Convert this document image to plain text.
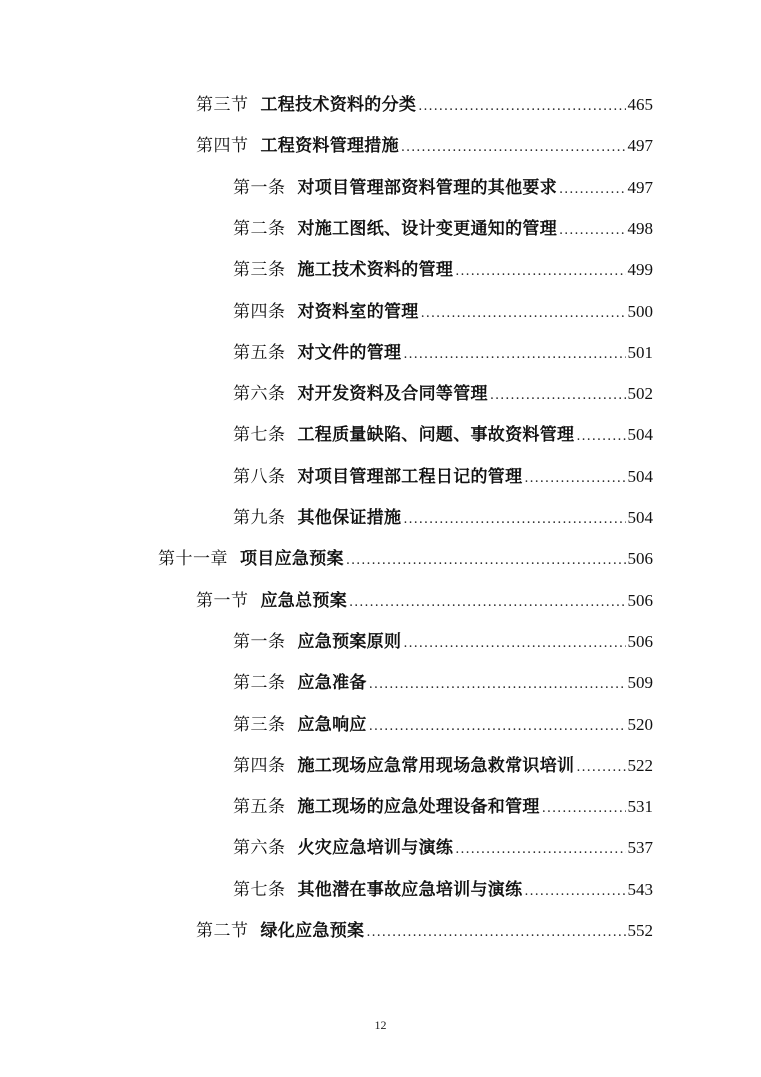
第三节 工程技术资料的分类 .....	465
第四节 工程资料管理措施 .....	497
第一条 对项目管理部资料管理的其他要求 .....	497
第二条 对施工图纸、设计变更通知的管理 .....	498
第三条 施工技术资料的管理 .....	499
第四条 对资料室的管理 .....	500
第五条 对文件的管理 .....	501
第六条 对开发资料及合同等管理 .....	502
第七条 工程质量缺陷、问题、事故资料管理 .....	504
第八条 对项目管理部工程日记的管理 .....	504
第九条 其他保证措施 .....	504
第十一章 项目应急预案 .....	506
第一节 应急总预案 .....	506
第一条 应急预案原则 .....	506
第二条 应急准备 .....	509
第三条 应急响应 .....	520
第四条 施工现场应急常用现场急救常识培训 .....	522
第五条 施工现场的应急处理设备和管理 .....	531
第六条 火灾应急培训与演练 .....	537
第七条 其他潜在事故应急培训与演练 .....	543
第二节 绿化应急预案 .....	552
12
